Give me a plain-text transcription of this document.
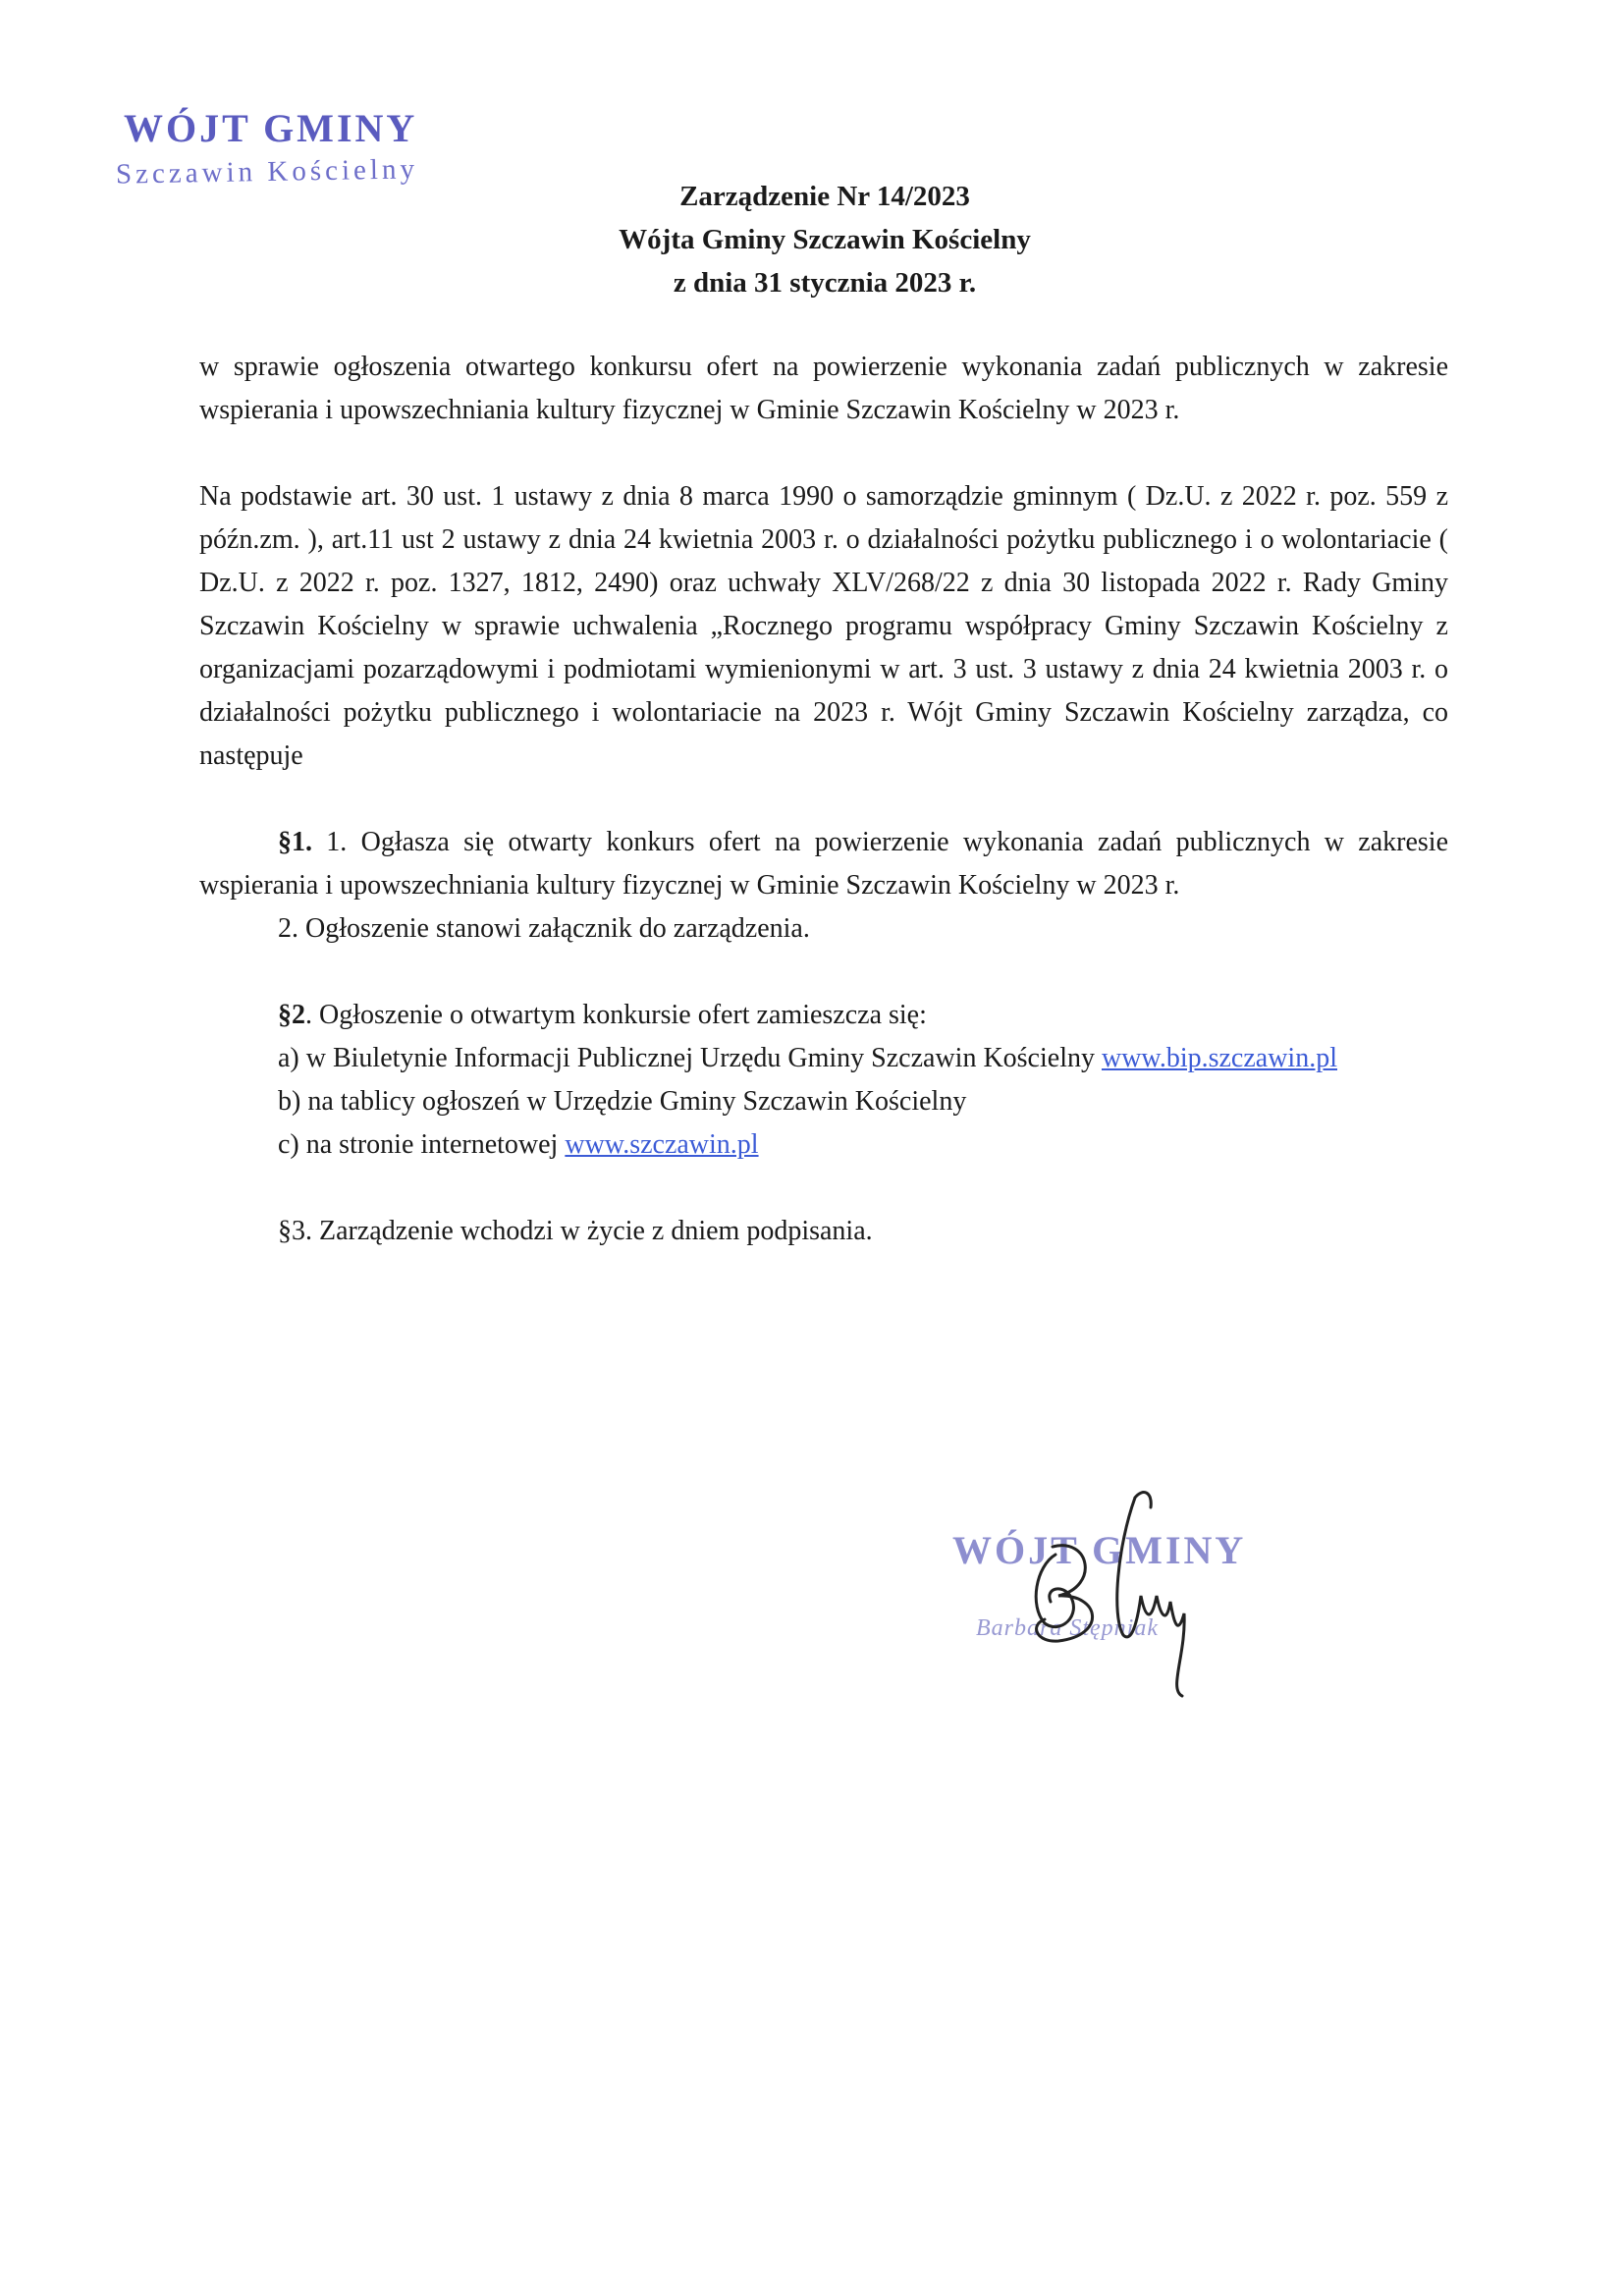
WÓJT GMINY
Szczawin Kościelny
Zarządzenie Nr 14/2023
Wójta Gminy Szczawin Kościelny
z dnia 31 stycznia 2023 r.

w sprawie ogłoszenia otwartego konkursu ofert na powierzenie wykonania zadań publicznych w zakresie wspierania i upowszechniania kultury fizycznej w Gminie Szczawin Kościelny w 2023 r.

Na podstawie art. 30 ust. 1 ustawy z dnia 8 marca 1990 o samorządzie gminnym ( Dz.U. z 2022 r. poz. 559 z późn.zm. ), art.11 ust 2 ustawy z dnia 24 kwietnia 2003 r. o działalności pożytku publicznego i o wolontariacie ( Dz.U. z 2022 r. poz. 1327, 1812, 2490) oraz uchwały XLV/268/22 z dnia 30 listopada 2022 r. Rady Gminy Szczawin Kościelny w sprawie uchwalenia „Rocznego programu współpracy Gminy Szczawin Kościelny z organizacjami pozarządowymi i podmiotami wymienionymi w art. 3 ust. 3 ustawy z dnia 24 kwietnia 2003 r. o działalności pożytku publicznego i wolontariacie na 2023 r. Wójt Gminy Szczawin Kościelny zarządza, co następuje

§1. 1. Ogłasza się otwarty konkurs ofert na powierzenie wykonania zadań publicznych w zakresie wspierania i upowszechniania kultury fizycznej w Gminie Szczawin Kościelny w 2023 r.

2. Ogłoszenie stanowi załącznik do zarządzenia.

§2. Ogłoszenie o otwartym konkursie ofert zamieszcza się:

a) w Biuletynie Informacji Publicznej Urzędu Gminy Szczawin Kościelny www.bip.szczawin.pl

b) na tablicy ogłoszeń w Urzędzie Gminy Szczawin Kościelny

c) na stronie internetowej www.szczawin.pl

§3. Zarządzenie wchodzi w życie z dniem podpisania.

WÓJT GMINY
Barbara Stępniak
